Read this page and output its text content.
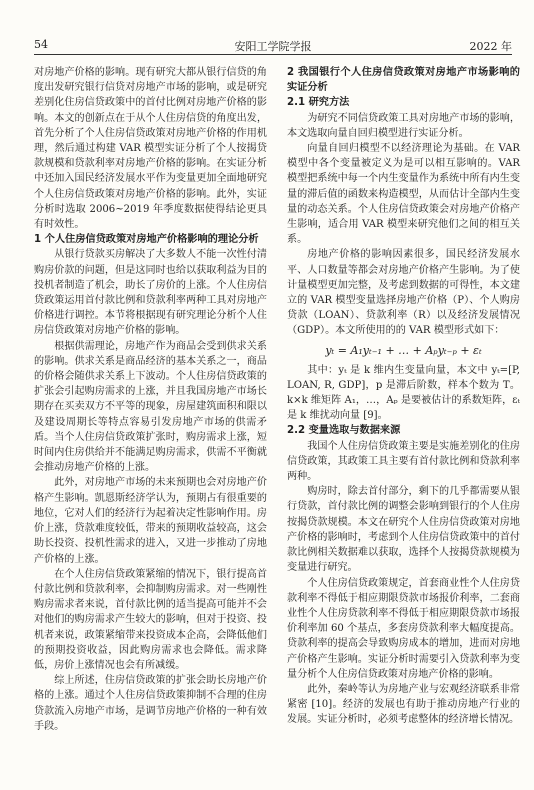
54	安阳工学院学报	2022 年

对房地产价格的影响。现有研究大都从银行信贷的角度出发研究银行信贷对房地产市场的影响，或是研究差别化住房信贷政策中的首付比例对房地产价格的影响。本文的创新点在于从个人住房信贷的角度出发，首先分析了个人住房信贷政策对房地产价格的作用机理，然后通过构建 VAR 模型实证分析了个人按揭贷款规模和贷款利率对房地产价格的影响。在实证分析中还加入国民经济发展水平作为变量更加全面地研究个人住房信贷政策对房地产价格的影响。此外，实证分析时选取 2006~2019 年季度数据使得结论更具有时效性。

1 个人住房信贷政策对房地产价格影响的理论分析

从银行贷款买房解决了大多数人不能一次性付清购房价款的问题，但是这同时也给以获取利益为目的投机者制造了机会，助长了房价的上涨。个人住房信贷政策运用首付款比例和贷款利率两种工具对房地产价格进行调控。本节将根据现有研究理论分析个人住房信贷政策对房地产价格的影响。

根据供需理论，房地产作为商品会受到供求关系的影响。供求关系是商品经济的基本关系之一，商品的价格会随供求关系上下波动。个人住房信贷政策的扩张会引起购房需求的上涨，并且我国房地产市场长期存在买卖双方不平等的现象，房屋建筑面积和限以及建设周期长等特点容易引发房地产市场的供需矛盾。当个人住房信贷政策扩张时，购房需求上涨，短时间内住房供给并不能满足购房需求，供需不平衡就会推动房地产价格的上涨。

此外，对房地产市场的未来预期也会对房地产价格产生影响。凯恩斯经济学认为，预期占有很重要的地位，它对人们的经济行为起着决定性影响作用。房价上涨，贷款难度较低，带来的预期收益较高，这会助长投资、投机性需求的进入，又进一步推动了房地产价格的上涨。

在个人住房信贷政策紧缩的情况下，银行提高首付款比例和贷款利率，会抑制购房需求。对一些刚性购房需求者来说，首付款比例的适当提高可能并不会对他们的购房需求产生较大的影响，但对于投资、投机者来说，政策紧缩带来投资成本企高，会降低他们的预期投资收益，因此购房需求也会降低。需求降低，房价上涨情况也会有所减缓。

综上所述，住房信贷政策的扩张会助长房地产价格的上涨。通过个人住房信贷政策抑制不合理的住房贷款流入房地产市场，是调节房地产价格的一种有效手段。

2 我国银行个人住房信贷政策对房地产市场影响的实证分析
2.1 研究方法

为研究不同信贷政策工具对房地产市场的影响，本文选取向量自回归模型进行实证分析。

向量自回归模型不以经济理论为基础。在 VAR 模型中各个变量被定义为是可以相互影响的。VAR 模型把系统中每一个内生变量作为系统中所有内生变量的滞后值的函数来构造模型，从而估计全部内生变量的动态关系。个人住房信贷政策会对房地产价格产生影响，适合用 VAR 模型来研究他们之间的相互关系。

房地产价格的影响因素很多，国民经济发展水平、人口数量等都会对房地产价格产生影响。为了使计量模型更加完整，及考虑到数据的可得性，本文建立的 VAR 模型变量选择房地产价格（P）、个人购房贷款（LOAN）、贷款利率（R）以及经济发展情况（GDP）。本文所使用的的 VAR 模型形式如下：

yₜ = A₁yₜ₋₁ + … + Aₚyₜ₋ₚ + εₜ

其中：yₜ 是 k 维内生变量向量，本文中 yₜ=[P, LOAN, R, GDP]，p 是滞后阶数，样本个数为 T。k×k 维矩阵 A₁，…，Aₚ 是要被估计的系数矩阵，εₜ 是 k 维扰动向量 [9]。

2.2 变量选取与数据来源

我国个人住房信贷政策主要是实施差别化的住房信贷政策，其政策工具主要有首付款比例和贷款利率两种。

购房时，除去首付部分，剩下的几乎都需要从银行贷款，首付款比例的调整会影响到银行的个人住房按揭贷款规模。本文在研究个人住房信贷政策对房地产价格的影响时，考虑到个人住房信贷政策中的首付款比例相关数据难以获取，选择个人按揭贷款规模为变量进行研究。

个人住房信贷政策规定，首套商业性个人住房贷款利率不得低于相应期限贷款市场报价利率，二套商业性个人住房贷款利率不得低于相应期限贷款市场报价利率加 60 个基点，多套房贷款利率大幅度提高。贷款利率的提高会导致购房成本的增加，进而对房地产价格产生影响。实证分析时需要引入贷款利率为变量分析个人住房信贷政策对房地产价格的影响。

此外，秦岭等认为房地产业与宏观经济联系非常紧密 [10]。经济的发展也有助于推动房地产行业的发展。实证分析时，必须考虑整体的经济增长情况。
